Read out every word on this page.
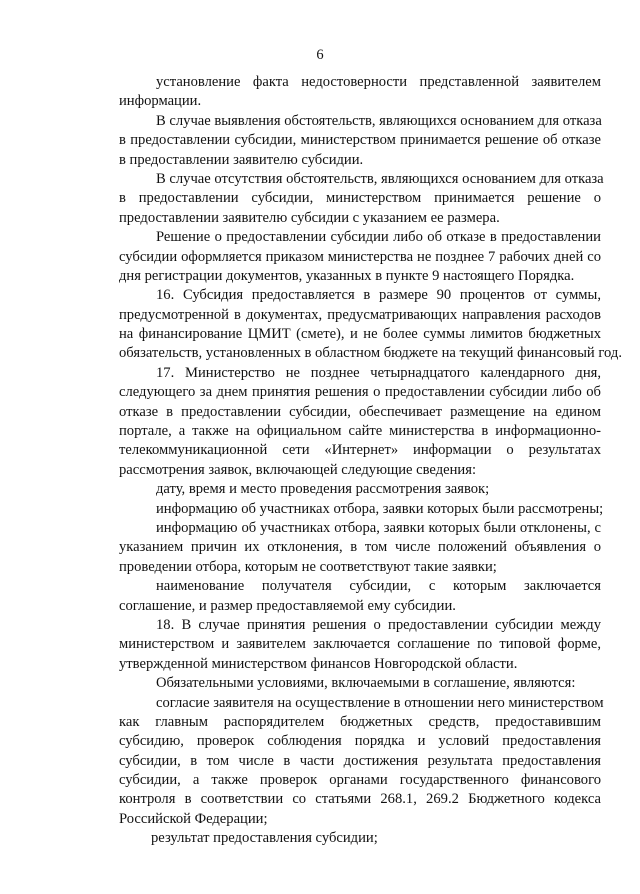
6
установление факта недостоверности представленной заявителем
информации.
В случае выявления обстоятельств, являющихся основанием для отказа
в предоставлении субсидии, министерством принимается решение об отказе
в предоставлении заявителю субсидии.
В случае отсутствия обстоятельств, являющихся основанием для отказа
в предоставлении субсидии, министерством принимается решение о
предоставлении заявителю субсидии с указанием ее размера.
Решение о предоставлении субсидии либо об отказе в предоставлении
субсидии оформляется приказом министерства не позднее 7 рабочих дней со
дня регистрации документов, указанных в пункте 9 настоящего Порядка.
16. Субсидия предоставляется в размере 90 процентов от суммы,
предусмотренной в документах, предусматривающих направления расходов
на финансирование ЦМИТ (смете), и не более суммы лимитов бюджетных
обязательств, установленных в областном бюджете на текущий финансовый год.
17. Министерство не позднее четырнадцатого календарного дня,
следующего за днем принятия решения о предоставлении субсидии либо об
отказе в предоставлении субсидии, обеспечивает размещение на едином
портале, а также на официальном сайте министерства в информационно-
телекоммуникационной сети «Интернет» информации о результатах
рассмотрения заявок, включающей следующие сведения:
дату, время и место проведения рассмотрения заявок;
информацию об участниках отбора, заявки которых были рассмотрены;
информацию об участниках отбора, заявки которых были отклонены, с
указанием причин их отклонения, в том числе положений объявления о
проведении отбора, которым не соответствуют такие заявки;
наименование получателя субсидии, с которым заключается
соглашение, и размер предоставляемой ему субсидии.
18. В случае принятия решения о предоставлении субсидии между
министерством и заявителем заключается соглашение по типовой форме,
утвержденной министерством финансов Новгородской области.
Обязательными условиями, включаемыми в соглашение, являются:
согласие заявителя на осуществление в отношении него министерством
как главным распорядителем бюджетных средств, предоставившим
субсидию, проверок соблюдения порядка и условий предоставления
субсидии, в том числе в части достижения результата предоставления
субсидии, а также проверок органами государственного финансового
контроля в соответствии со статьями 268.1, 269.2 Бюджетного кодекса
Российской Федерации;
результат предоставления субсидии;
